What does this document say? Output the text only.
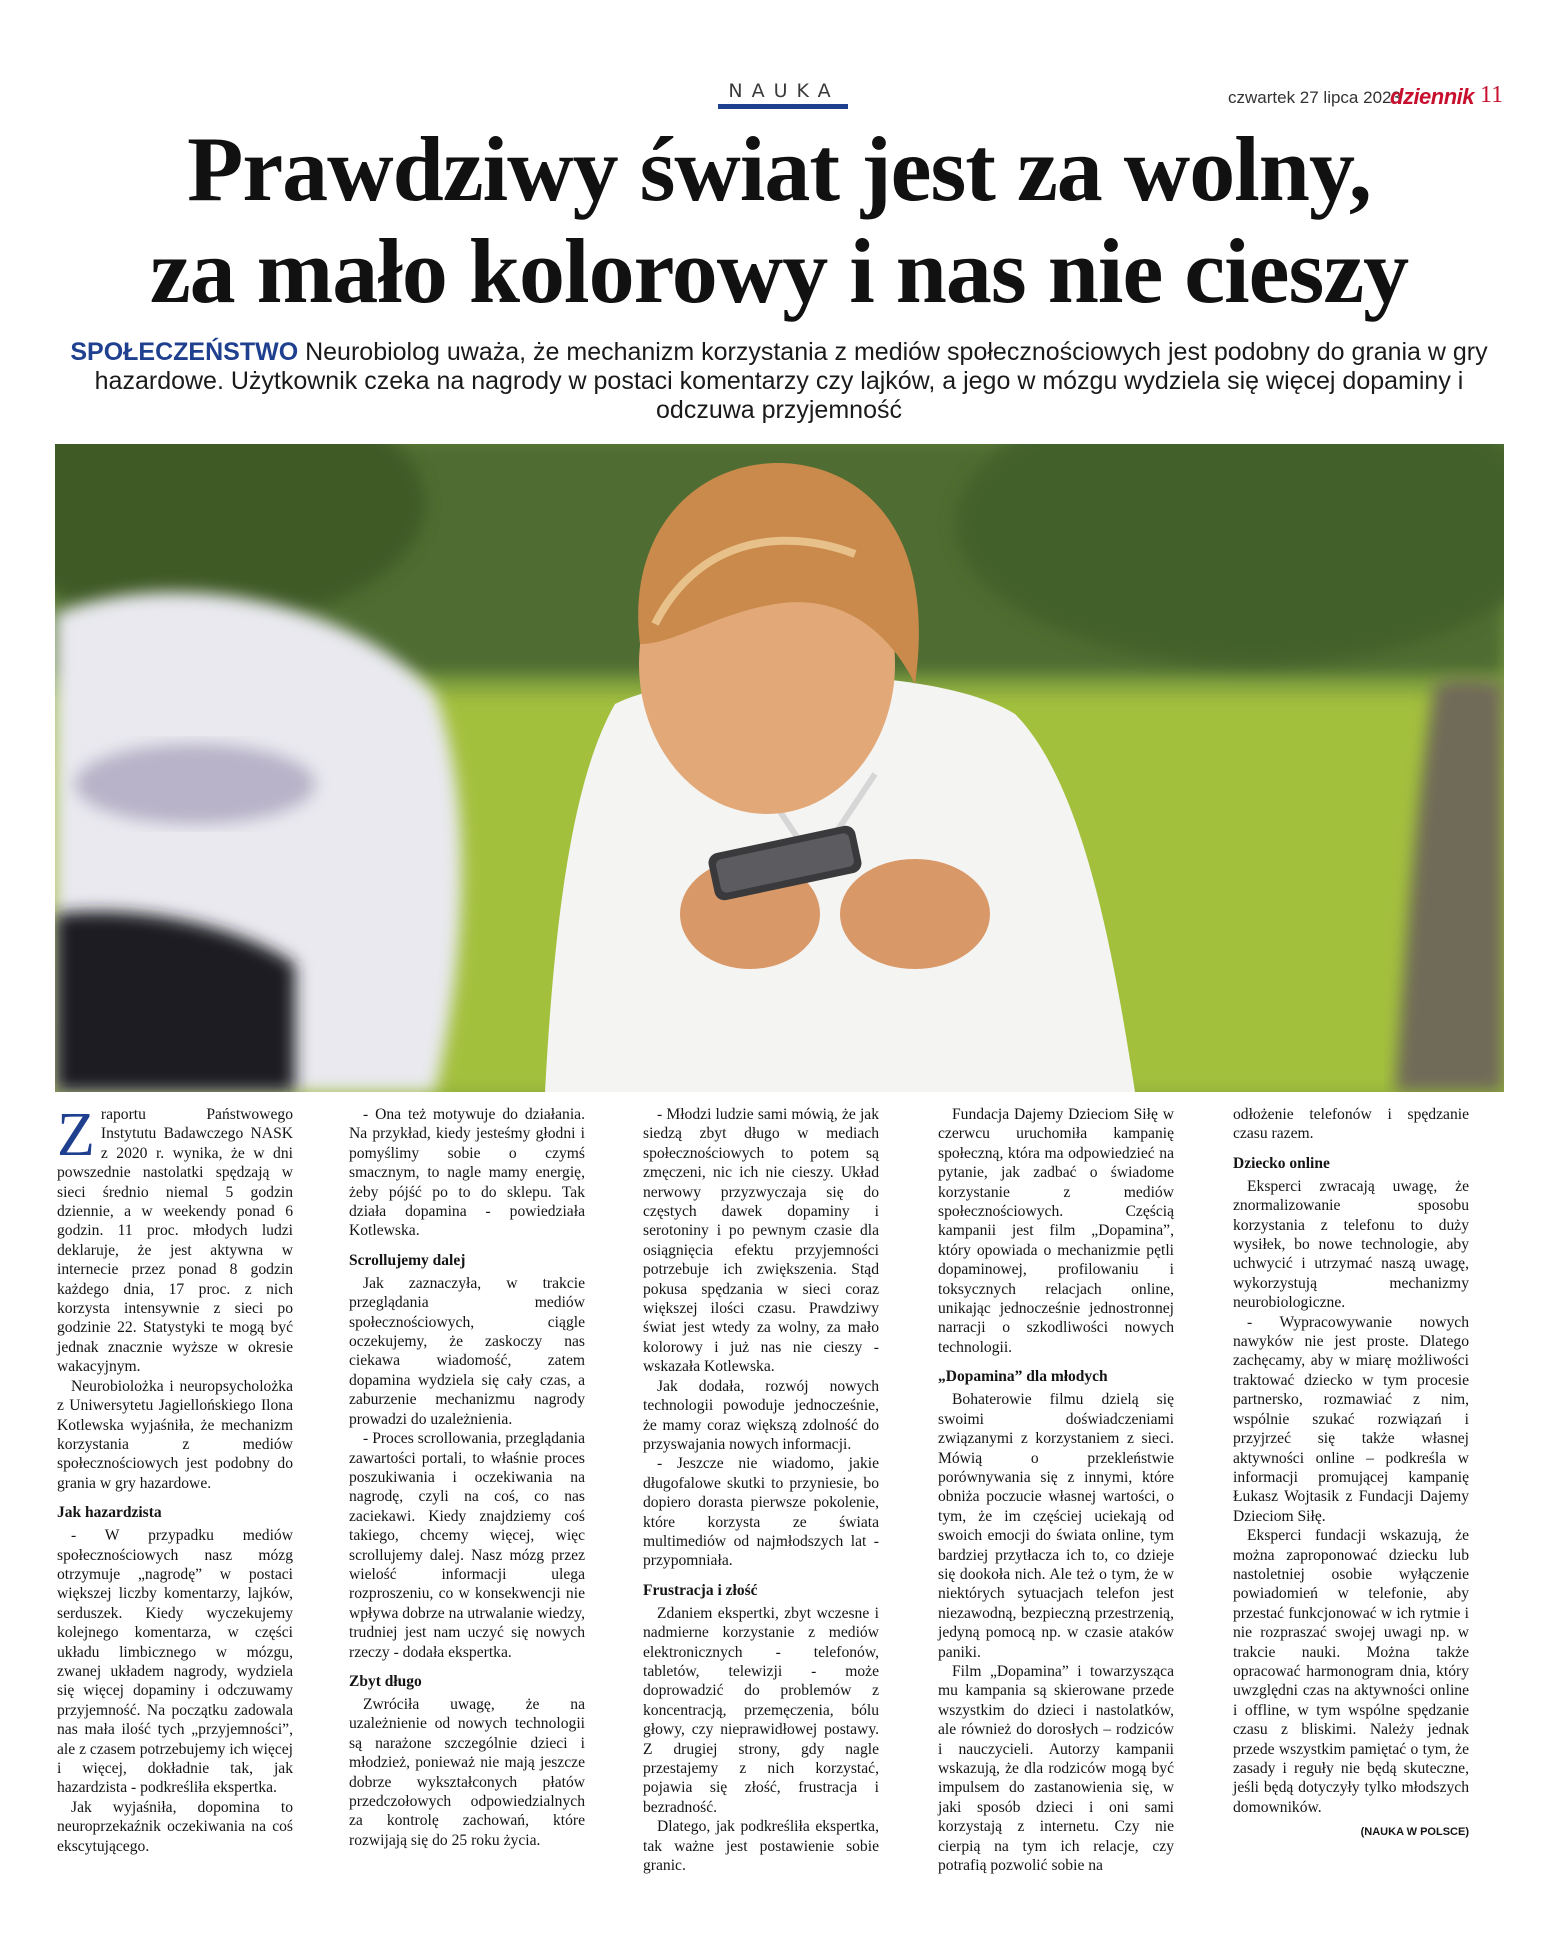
NAUKA	czwartek 27 lipca 2023
dziennik 11
Prawdziwy świat jest za wolny,
za mało kolorowy i nas nie cieszy

SPOŁECZEŃSTWO Neurobiolog uważa, że mechanizm korzystania z mediów społecznościowych jest podobny do grania w gry hazardowe. Użytkownik czeka na nagrody w postaci komentarzy czy lajków, a jego w mózgu wydziela się więcej dopaminy i odczuwa przyjemność

Zraportu Państwowego Instytutu Badawczego NASK z 2020 r. wynika, że w dni powszednie nastolatki spędzają w sieci średnio niemal 5 godzin dziennie, a w weekendy ponad 6 godzin. 11 proc. młodych ludzi deklaruje, że jest aktywna w internecie przez ponad 8 godzin każdego dnia, 17 proc. z nich korzysta intensywnie z sieci po godzinie 22. Statystyki te mogą być jednak znacznie wyższe w okresie wakacyjnym.

Neurobiolożka i neuropsycholożka z Uniwersytetu Jagiellońskiego Ilona Kotlewska wyjaśniła, że mechanizm korzystania z mediów społecznościowych jest podobny do grania w gry hazardowe.

Jak hazardzista

- W przypadku mediów społecznościowych nasz mózg otrzymuje „nagrodę” w postaci większej liczby komentarzy, lajków, serduszek. Kiedy wyczekujemy kolejnego komentarza, w części układu limbicznego w mózgu, zwanej układem nagrody, wydziela się więcej dopaminy i odczuwamy przyjemność. Na początku zadowala nas mała ilość tych „przyjemności”, ale z czasem potrzebujemy ich więcej i więcej, dokładnie tak, jak hazardzista - podkreśliła ekspertka.

Jak wyjaśniła, dopomina to neuroprzekaźnik oczekiwania na coś ekscytującego.

- Ona też motywuje do działania. Na przykład, kiedy jesteśmy głodni i pomyślimy sobie o czymś smacznym, to nagle mamy energię, żeby pójść po to do sklepu. Tak działa dopamina - powiedziała Kotlewska.

Scrollujemy dalej

Jak zaznaczyła, w trakcie przeglądania mediów społecznościowych, ciągle oczekujemy, że zaskoczy nas ciekawa wiadomość, zatem dopamina wydziela się cały czas, a zaburzenie mechanizmu nagrody prowadzi do uzależnienia.

- Proces scrollowania, przeglądania zawartości portali, to właśnie proces poszukiwania i oczekiwania na nagrodę, czyli na coś, co nas zaciekawi. Kiedy znajdziemy coś takiego, chcemy więcej, więc scrollujemy dalej. Nasz mózg przez wielość informacji ulega rozproszeniu, co w konsekwencji nie wpływa dobrze na utrwalanie wiedzy, trudniej jest nam uczyć się nowych rzeczy - dodała ekspertka.

Zbyt długo

Zwróciła uwagę, że na uzależnienie od nowych technologii są narażone szczególnie dzieci i młodzież, ponieważ nie mają jeszcze dobrze wykształconych płatów przedczołowych odpowiedzialnych za kontrolę zachowań, które rozwijają się do 25 roku życia.

- Młodzi ludzie sami mówią, że jak siedzą zbyt długo w mediach społecznościowych to potem są zmęczeni, nic ich nie cieszy. Układ nerwowy przyzwyczaja się do częstych dawek dopaminy i serotoniny i po pewnym czasie dla osiągnięcia efektu przyjemności potrzebuje ich zwiększenia. Stąd pokusa spędzania w sieci coraz większej ilości czasu. Prawdziwy świat jest wtedy za wolny, za mało kolorowy i już nas nie cieszy - wskazała Kotlewska.

Jak dodała, rozwój nowych technologii powoduje jednocześnie, że mamy coraz większą zdolność do przyswajania nowych informacji.

- Jeszcze nie wiadomo, jakie długofalowe skutki to przyniesie, bo dopiero dorasta pierwsze pokolenie, które korzysta ze świata multimediów od najmłodszych lat - przypomniała.

Frustracja i złość

Zdaniem ekspertki, zbyt wczesne i nadmierne korzystanie z mediów elektronicznych - telefonów, tabletów, telewizji - może doprowadzić do problemów z koncentracją, przemęczenia, bólu głowy, czy nieprawidłowej postawy. Z drugiej strony, gdy nagle przestajemy z nich korzystać, pojawia się złość, frustracja i bezradność.

Dlatego, jak podkreśliła ekspertka, tak ważne jest postawienie sobie granic.

Fundacja Dajemy Dzieciom Siłę w czerwcu uruchomiła kampanię społeczną, która ma odpowiedzieć na pytanie, jak zadbać o świadome korzystanie z mediów społecznościowych. Częścią kampanii jest film „Dopamina”, który opowiada o mechanizmie pętli dopaminowej, profilowaniu i toksycznych relacjach online, unikając jednocześnie jednostronnej narracji o szkodliwości nowych technologii.

„Dopamina” dla młodych

Bohaterowie filmu dzielą się swoimi doświadczeniami związanymi z korzystaniem z sieci. Mówią o przekleństwie porównywania się z innymi, które obniża poczucie własnej wartości, o tym, że im częściej uciekają od swoich emocji do świata online, tym bardziej przytłacza ich to, co dzieje się dookoła nich. Ale też o tym, że w niektórych sytuacjach telefon jest niezawodną, bezpieczną przestrzenią, jedyną pomocą np. w czasie ataków paniki.

Film „Dopamina” i towarzysząca mu kampania są skierowane przede wszystkim do dzieci i nastolatków, ale również do dorosłych – rodziców i nauczycieli. Autorzy kampanii wskazują, że dla rodziców mogą być impulsem do zastanowienia się, w jaki sposób dzieci i oni sami korzystają z internetu. Czy nie cierpią na tym ich relacje, czy potrafią pozwolić sobie na

odłożenie telefonów i spędzanie czasu razem.

Dziecko online

Eksperci zwracają uwagę, że znormalizowanie sposobu korzystania z telefonu to duży wysiłek, bo nowe technologie, aby uchwycić i utrzymać naszą uwagę, wykorzystują mechanizmy neurobiologiczne.

- Wypracowywanie nowych nawyków nie jest proste. Dlatego zachęcamy, aby w miarę możliwości traktować dziecko w tym procesie partnersko, rozmawiać z nim, wspólnie szukać rozwiązań i przyjrzeć się także własnej aktywności online – podkreśla w informacji promującej kampanię Łukasz Wojtasik z Fundacji Dajemy Dzieciom Siłę.

Eksperci fundacji wskazują, że można zaproponować dziecku lub nastoletniej osobie wyłączenie powiadomień w telefonie, aby przestać funkcjonować w ich rytmie i nie rozpraszać swojej uwagi np. w trakcie nauki. Można także opracować harmonogram dnia, który uwzględni czas na aktywności online i offline, w tym wspólne spędzanie czasu z bliskimi. Należy jednak przede wszystkim pamiętać o tym, że zasady i reguły nie będą skuteczne, jeśli będą dotyczyły tylko młodszych domowników.

(NAUKA W POLSCE)
